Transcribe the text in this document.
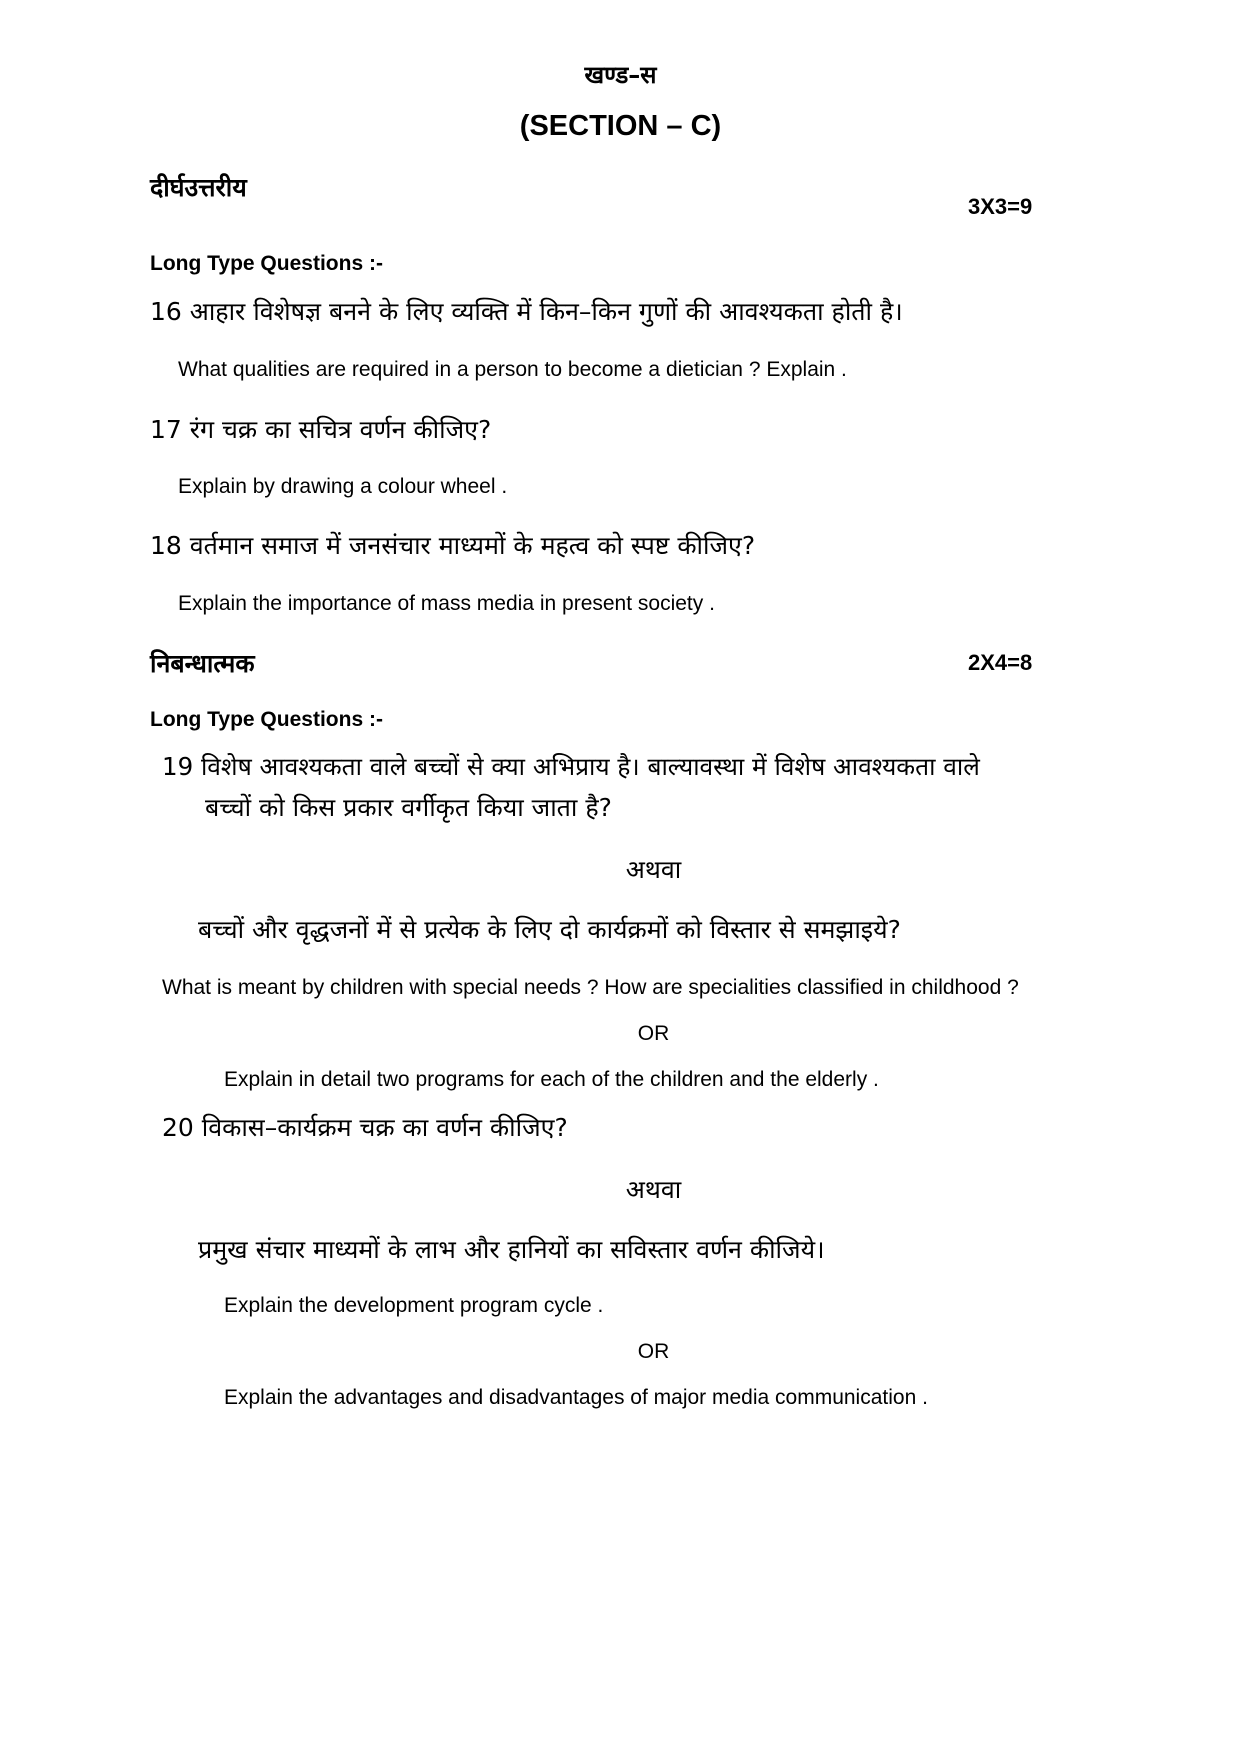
खण्ड–स
(SECTION – C)
दीर्घउत्तरीय
3X3=9
Long Type Questions :-
16 आहार विशेषज्ञ बनने के लिए व्यक्ति में किन–किन गुणों की आवश्यकता होती है।
What qualities are required in a person to become a dietician ? Explain .
17 रंग चक्र का सचित्र वर्णन कीजिए?
Explain by drawing a colour wheel .
18 वर्तमान समाज में जनसंचार माध्यमों के महत्व को स्पष्ट कीजिए?
Explain the importance of mass media in present society .
निबन्धात्मक	2X4=8
Long Type Questions :-
19 विशेष आवश्यकता वाले बच्चों से क्या अभिप्राय है। बाल्यावस्था में विशेष आवश्यकता वाले
बच्चों को किस प्रकार वर्गीकृत किया जाता है?
अथवा
बच्चों और वृद्धजनों में से प्रत्येक के लिए दो कार्यक्रमों को विस्तार से समझाइये?
What is meant by children with special needs ? How are specialities classified in childhood ?
OR
Explain in detail two programs for each of the children and the elderly .
20 विकास–कार्यक्रम चक्र का वर्णन कीजिए?
अथवा
प्रमुख संचार माध्यमों के लाभ और हानियों का सविस्तार वर्णन कीजिये।
Explain the development program cycle .
OR
Explain the advantages and disadvantages of major media communication .
